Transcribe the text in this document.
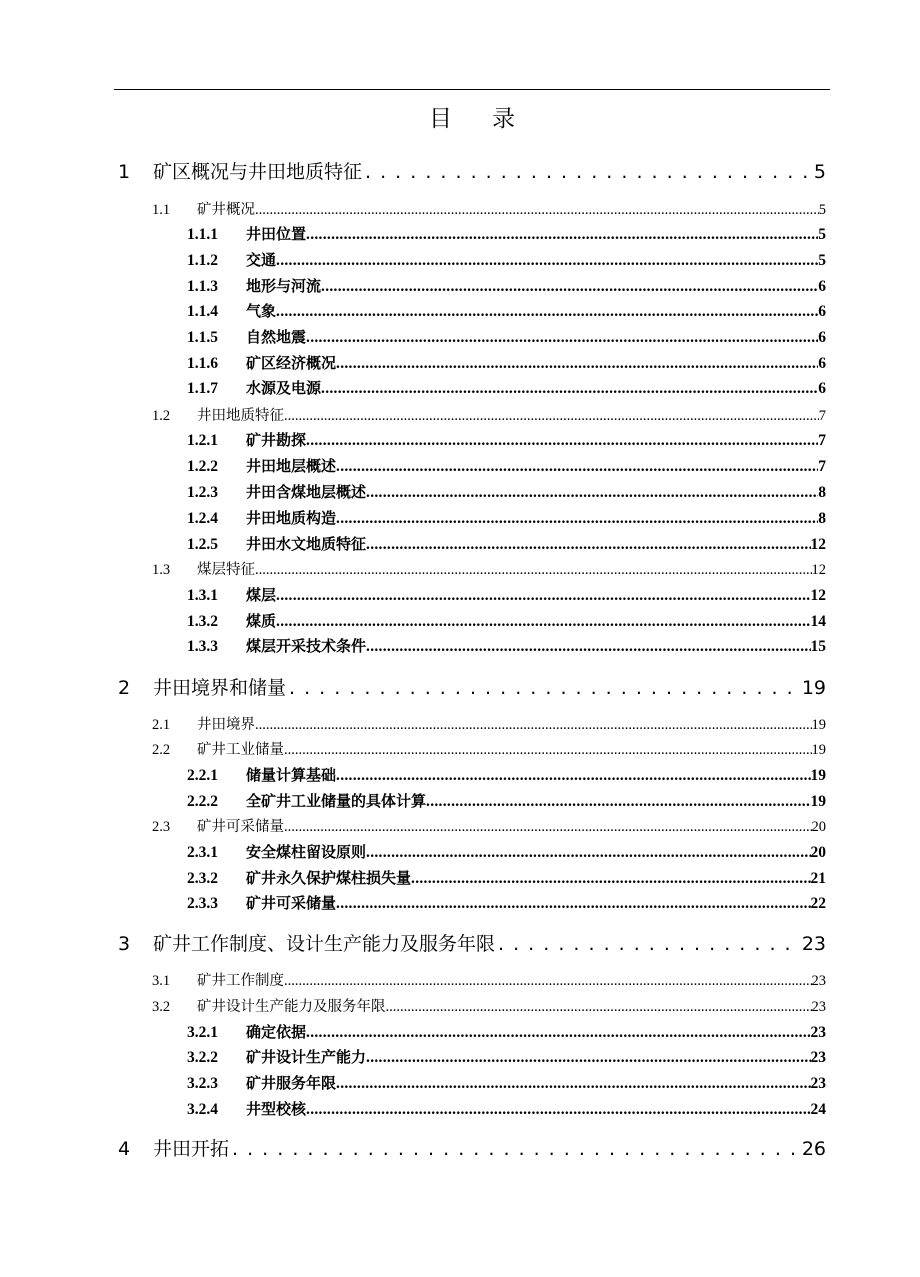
目录
1	矿区概况与井田地质特征 . . .	5
1.1	矿井概况 .....	5
1.1.1	井田位置 .....	5
1.1.2	交通 .....	5
1.1.3	地形与河流 .....	6
1.1.4	气象 .....	6
1.1.5	自然地震 .....	6
1.1.6	矿区经济概况 .....	6
1.1.7	水源及电源 .....	6
1.2	井田地质特征 .....	7
1.2.1	矿井勘探 .....	7
1.2.2	井田地层概述 .....	7
1.2.3	井田含煤地层概述 .....	8
1.2.4	井田地质构造 .....	8
1.2.5	井田水文地质特征 .....	12
1.3	煤层特征 .....	12
1.3.1	煤层 .....	12
1.3.2	煤质 .....	14
1.3.3	煤层开采技术条件 .....	15
2	井田境界和储量 . . .	19
2.1	井田境界 .....	19
2.2	矿井工业储量 .....	19
2.2.1	储量计算基础 .....	19
2.2.2	全矿井工业储量的具体计算 .....	19
2.3	矿井可采储量 .....	20
2.3.1	安全煤柱留设原则 .....	20
2.3.2	矿井永久保护煤柱损失量 .....	21
2.3.3	矿井可采储量 .....	22
3	矿井工作制度、设计生产能力及服务年限 . . .	23
3.1	矿井工作制度 .....	23
3.2	矿井设计生产能力及服务年限 .....	23
3.2.1	确定依据 .....	23
3.2.2	矿井设计生产能力 .....	23
3.2.3	矿井服务年限 .....	23
3.2.4	井型校核 .....	24
4	井田开拓 . . .	26
